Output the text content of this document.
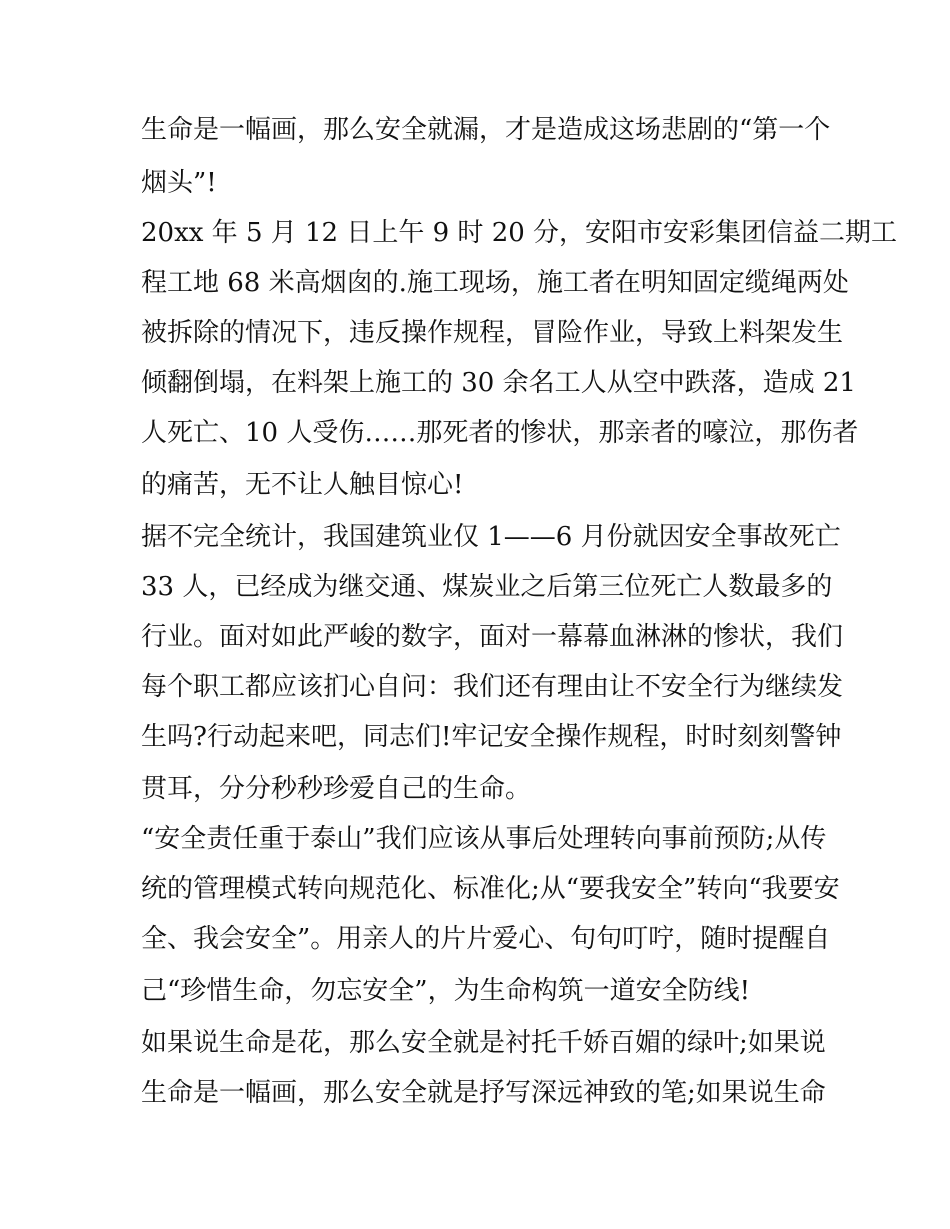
生命是一幅画，那么安全就漏，才是造成这场悲剧的“第一个
烟头”!
20xx 年 5 月 12 日上午 9 时 20 分，安阳市安彩集团信益二期工
程工地 68 米高烟囱的.施工现场，施工者在明知固定缆绳两处
被拆除的情况下，违反操作规程，冒险作业，导致上料架发生
倾翻倒塌，在料架上施工的 30 余名工人从空中跌落，造成 21
人死亡、10 人受伤……那死者的惨状，那亲者的嚎泣，那伤者
的痛苦，无不让人触目惊心!
据不完全统计，我国建筑业仅 1——6 月份就因安全事故死亡
33 人，已经成为继交通、煤炭业之后第三位死亡人数最多的
行业。面对如此严峻的数字，面对一幕幕血淋淋的惨状，我们
每个职工都应该扪心自问：我们还有理由让不安全行为继续发
生吗?行动起来吧，同志们!牢记安全操作规程，时时刻刻警钟
贯耳，分分秒秒珍爱自己的生命。
“安全责任重于泰山”我们应该从事后处理转向事前预防;从传
统的管理模式转向规范化、标准化;从“要我安全”转向“我要安
全、我会安全”。用亲人的片片爱心、句句叮咛，随时提醒自
己“珍惜生命，勿忘安全”，为生命构筑一道安全防线!
如果说生命是花，那么安全就是衬托千娇百媚的绿叶;如果说
生命是一幅画，那么安全就是抒写深远神致的笔;如果说生命
